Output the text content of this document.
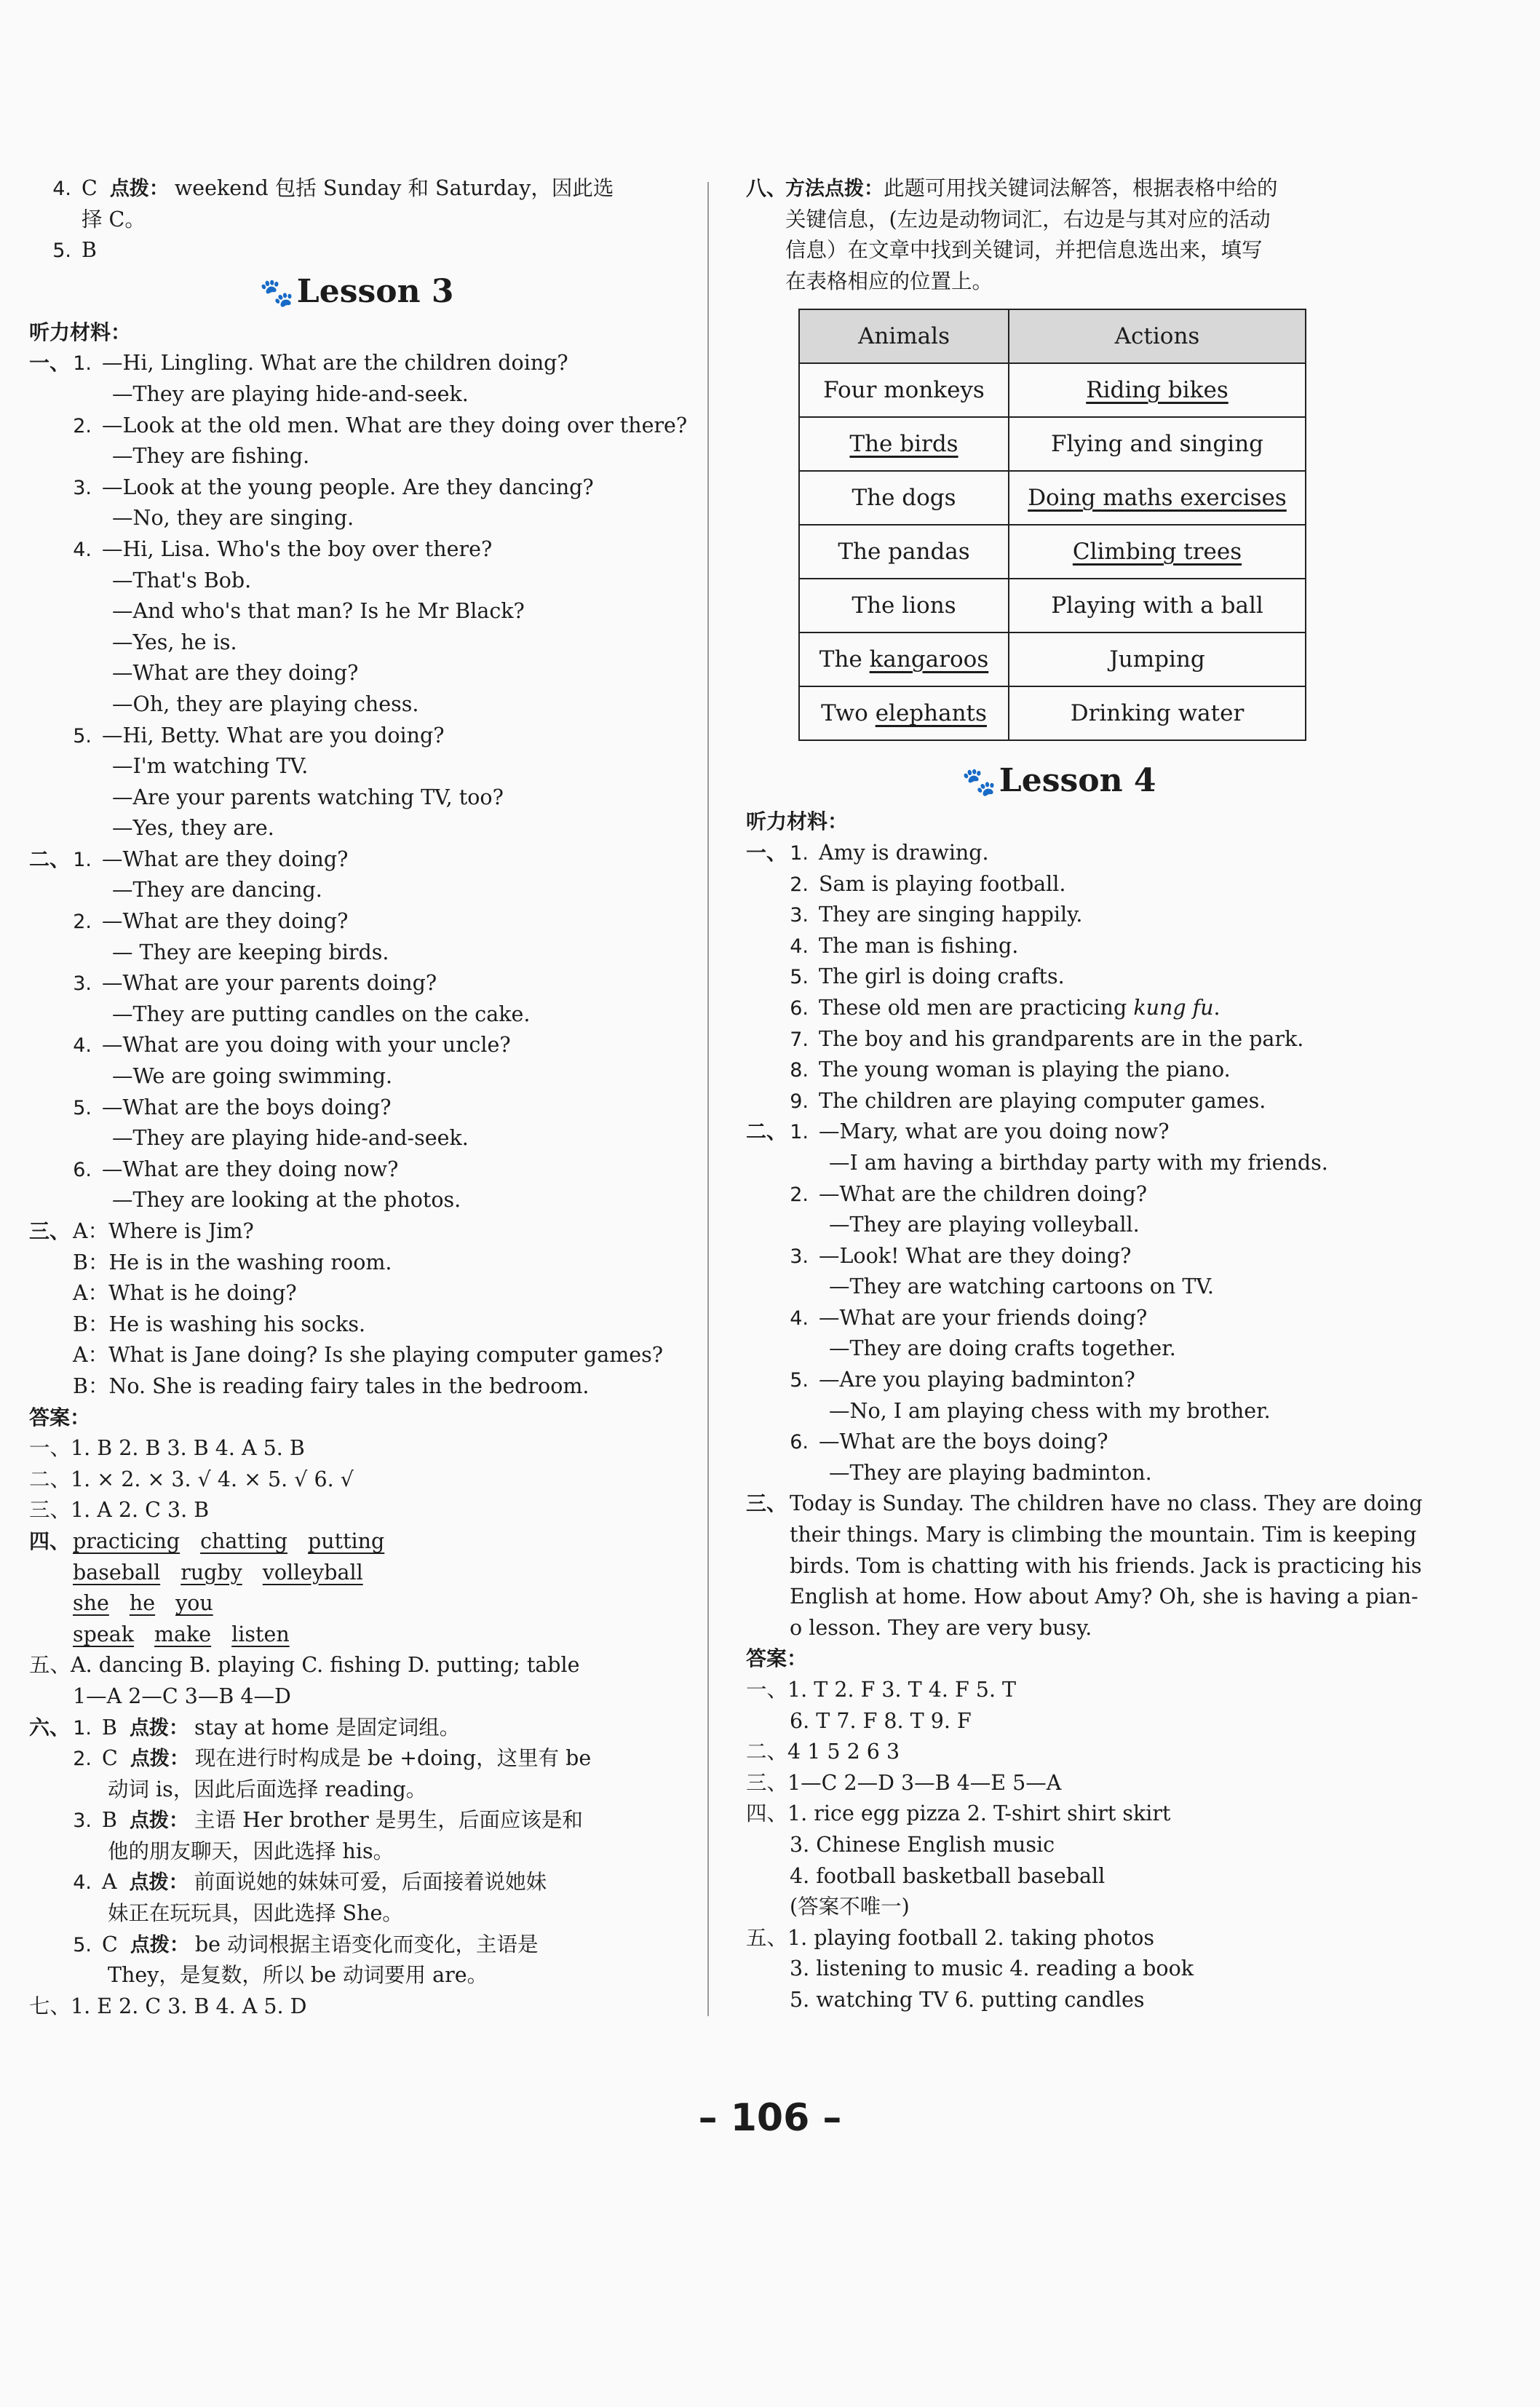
4. C 点拨： weekend 包括 Sunday 和 Saturday，因此选
择 C。
5. B
🐾Lesson 3
听力材料：
一、 1. —Hi, Lingling. What are the children doing?
—They are playing hide-and-seek.
2. —Look at the old men. What are they doing over there?
—They are fishing.
3. —Look at the young people. Are they dancing?
—No, they are singing.
4. —Hi, Lisa. Who's the boy over there?
—That's Bob.
—And who's that man? Is he Mr Black?
—Yes, he is.
—What are they doing?
—Oh, they are playing chess.
5. —Hi, Betty. What are you doing?
—I'm watching TV.
—Are your parents watching TV, too?
—Yes, they are.
二、 1. —What are they doing?
—They are dancing.
2. —What are they doing?
— They are keeping birds.
3. —What are your parents doing?
—They are putting candles on the cake.
4. —What are you doing with your uncle?
—We are going swimming.
5. —What are the boys doing?
—They are playing hide-and-seek.
6. —What are they doing now?
—They are looking at the photos.
三、 A：Where is Jim?
B：He is in the washing room.
A：What is he doing?
B：He is washing his socks.
A：What is Jane doing? Is she playing computer games?
B：No. She is reading fairy tales in the bedroom.
答案：
一、1. B 2. B 3. B 4. A 5. B
二、1. × 2. × 3. √ 4. × 5. √ 6. √
三、1. A 2. C 3. B
四、 practicing chatting putting
baseball rugby volleyball
she he you
speak make listen
五、A. dancing B. playing C. fishing D. putting; table
1—A 2—C 3—B 4—D
六、 1. B 点拨： stay at home 是固定词组。
2. C 点拨： 现在进行时构成是 be +doing，这里有 be
动词 is，因此后面选择 reading。
3. B 点拨： 主语 Her brother 是男生，后面应该是和
他的朋友聊天，因此选择 his。
4. A 点拨： 前面说她的妹妹可爱，后面接着说她妹
妹正在玩玩具，因此选择 She。
5. C 点拨： be 动词根据主语变化而变化，主语是
They，是复数，所以 be 动词要用 are。
七、1. E 2. C 3. B 4. A 5. D
八、方法点拨：此题可用找关键词法解答，根据表格中给的
关键信息，(左边是动物词汇，右边是与其对应的活动
信息）在文章中找到关键词，并把信息选出来，填写
在表格相应的位置上。
🐾Lesson 4
听力材料：
一、 1. Amy is drawing.
2. Sam is playing football.
3. They are singing happily.
4. The man is fishing.
5. The girl is doing crafts.
6. These old men are practicing kung fu.
7. The boy and his grandparents are in the park.
8. The young woman is playing the piano.
9. The children are playing computer games.
二、 1. —Mary, what are you doing now?
—I am having a birthday party with my friends.
2. —What are the children doing?
—They are playing volleyball.
3. —Look! What are they doing?
—They are watching cartoons on TV.
4. —What are your friends doing?
—They are doing crafts together.
5. —Are you playing badminton?
—No, I am playing chess with my brother.
6. —What are the boys doing?
—They are playing badminton.
三、 Today is Sunday. The children have no class. They are doing
their things. Mary is climbing the mountain. Tim is keeping
birds. Tom is chatting with his friends. Jack is practicing his
English at home. How about Amy? Oh, she is having a pian-
o lesson. They are very busy.
答案：
一、1. T 2. F 3. T 4. F 5. T
6. T 7. F 8. T 9. F
二、4 1 5 2 6 3
三、1—C 2—D 3—B 4—E 5—A
四、1. rice egg pizza 2. T-shirt shirt skirt
3. Chinese English music
4. football basketball baseball
(答案不唯一)
五、1. playing football 2. taking photos
3. listening to music 4. reading a book
5. watching TV 6. putting candles
Animals	Actions
Four monkeys	Riding bikes
The birds	Flying and singing
The dogs	Doing maths exercises
The pandas	Climbing trees
The lions	Playing with a ball
The kangaroos	Jumping
Two elephants	Drinking water
– 106 –
